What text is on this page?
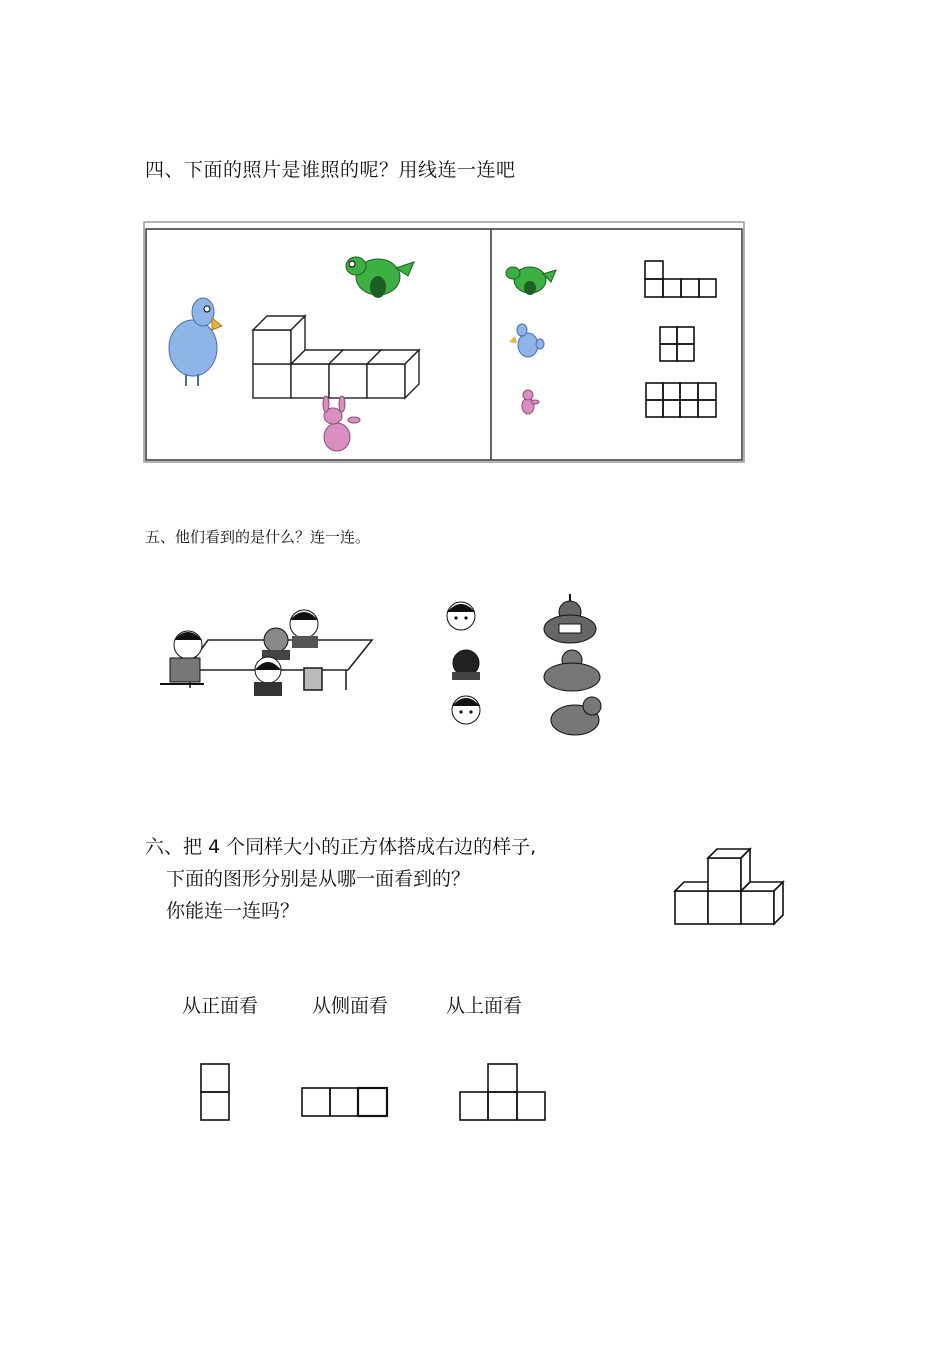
四、下面的照片是谁照的呢？用线连一连吧
五、他们看到的是什么？连一连。
六、把 4 个同样大小的正方体搭成右边的样子,
下面的图形分别是从哪一面看到的？
你能连一连吗？
从正面看	从侧面看	从上面看
